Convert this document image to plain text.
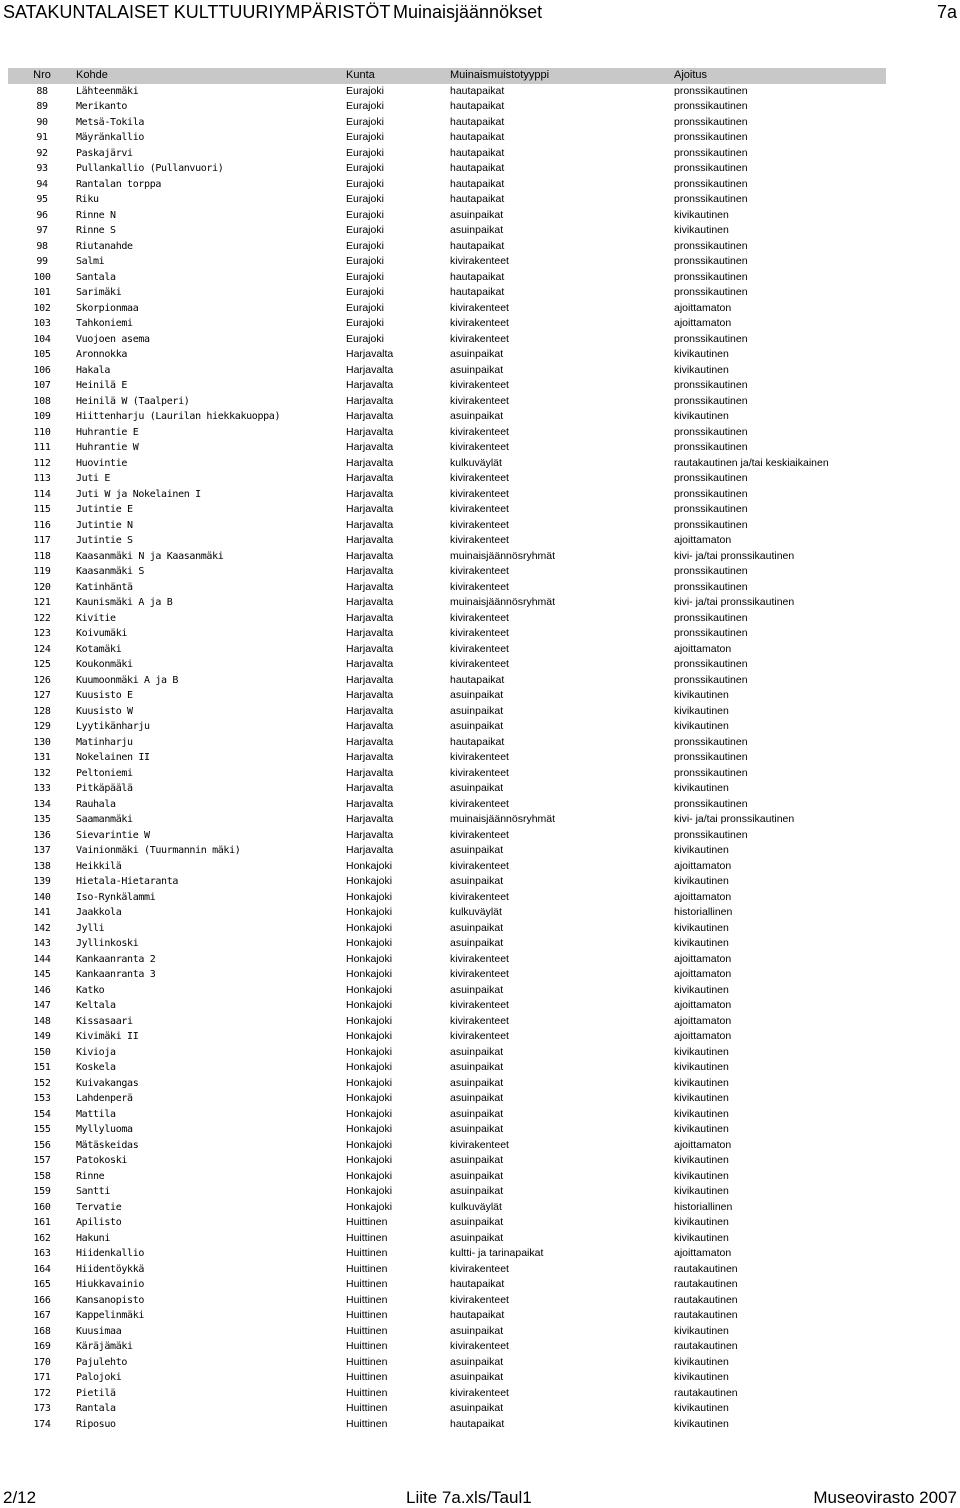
SATAKUNTALAISET KULTTUURIYMPÄRISTÖT Muinaisjäännökset	7a
Nro	Kohde	Kunta	Muinaismuistotyyppi	Ajoitus
88	Lähteenmäki	Eurajoki	hautapaikat	pronssikautinen
89	Merikanto	Eurajoki	hautapaikat	pronssikautinen
90	Metsä-Tokila	Eurajoki	hautapaikat	pronssikautinen
91	Mäyränkallio	Eurajoki	hautapaikat	pronssikautinen
92	Paskajärvi	Eurajoki	hautapaikat	pronssikautinen
93	Pullankallio (Pullanvuori)	Eurajoki	hautapaikat	pronssikautinen
94	Rantalan torppa	Eurajoki	hautapaikat	pronssikautinen
95	Riku	Eurajoki	hautapaikat	pronssikautinen
96	Rinne N	Eurajoki	asuinpaikat	kivikautinen
97	Rinne S	Eurajoki	asuinpaikat	kivikautinen
98	Riutanahde	Eurajoki	hautapaikat	pronssikautinen
99	Salmi	Eurajoki	kivirakenteet	pronssikautinen
100	Santala	Eurajoki	hautapaikat	pronssikautinen
101	Sarimäki	Eurajoki	hautapaikat	pronssikautinen
102	Skorpionmaa	Eurajoki	kivirakenteet	ajoittamaton
103	Tahkoniemi	Eurajoki	kivirakenteet	ajoittamaton
104	Vuojoen asema	Eurajoki	kivirakenteet	pronssikautinen
105	Aronnokka	Harjavalta	asuinpaikat	kivikautinen
106	Hakala	Harjavalta	asuinpaikat	kivikautinen
107	Heinilä E	Harjavalta	kivirakenteet	pronssikautinen
108	Heinilä W (Taalperi)	Harjavalta	kivirakenteet	pronssikautinen
109	Hiittenharju (Laurilan hiekkakuoppa)	Harjavalta	asuinpaikat	kivikautinen
110	Huhrantie E	Harjavalta	kivirakenteet	pronssikautinen
111	Huhrantie W	Harjavalta	kivirakenteet	pronssikautinen
112	Huovintie	Harjavalta	kulkuväylät	rautakautinen ja/tai keskiaikainen
113	Juti E	Harjavalta	kivirakenteet	pronssikautinen
114	Juti W ja Nokelainen I	Harjavalta	kivirakenteet	pronssikautinen
115	Jutintie E	Harjavalta	kivirakenteet	pronssikautinen
116	Jutintie N	Harjavalta	kivirakenteet	pronssikautinen
117	Jutintie S	Harjavalta	kivirakenteet	ajoittamaton
118	Kaasanmäki N ja Kaasanmäki	Harjavalta	muinaisjäännösryhmät	kivi- ja/tai pronssikautinen
119	Kaasanmäki S	Harjavalta	kivirakenteet	pronssikautinen
120	Katinhäntä	Harjavalta	kivirakenteet	pronssikautinen
121	Kaunismäki A ja B	Harjavalta	muinaisjäännösryhmät	kivi- ja/tai pronssikautinen
122	Kivitie	Harjavalta	kivirakenteet	pronssikautinen
123	Koivumäki	Harjavalta	kivirakenteet	pronssikautinen
124	Kotamäki	Harjavalta	kivirakenteet	ajoittamaton
125	Koukonmäki	Harjavalta	kivirakenteet	pronssikautinen
126	Kuumoonmäki A ja B	Harjavalta	hautapaikat	pronssikautinen
127	Kuusisto E	Harjavalta	asuinpaikat	kivikautinen
128	Kuusisto W	Harjavalta	asuinpaikat	kivikautinen
129	Lyytikänharju	Harjavalta	asuinpaikat	kivikautinen
130	Matinharju	Harjavalta	hautapaikat	pronssikautinen
131	Nokelainen II	Harjavalta	kivirakenteet	pronssikautinen
132	Peltoniemi	Harjavalta	kivirakenteet	pronssikautinen
133	Pitkäpäälä	Harjavalta	asuinpaikat	kivikautinen
134	Rauhala	Harjavalta	kivirakenteet	pronssikautinen
135	Saamanmäki	Harjavalta	muinaisjäännösryhmät	kivi- ja/tai pronssikautinen
136	Sievarintie W	Harjavalta	kivirakenteet	pronssikautinen
137	Vainionmäki (Tuurmannin mäki)	Harjavalta	asuinpaikat	kivikautinen
138	Heikkilä	Honkajoki	kivirakenteet	ajoittamaton
139	Hietala-Hietaranta	Honkajoki	asuinpaikat	kivikautinen
140	Iso-Rynkälammi	Honkajoki	kivirakenteet	ajoittamaton
141	Jaakkola	Honkajoki	kulkuväylät	historiallinen
142	Jylli	Honkajoki	asuinpaikat	kivikautinen
143	Jyllinkoski	Honkajoki	asuinpaikat	kivikautinen
144	Kankaanranta 2	Honkajoki	kivirakenteet	ajoittamaton
145	Kankaanranta 3	Honkajoki	kivirakenteet	ajoittamaton
146	Katko	Honkajoki	asuinpaikat	kivikautinen
147	Keltala	Honkajoki	kivirakenteet	ajoittamaton
148	Kissasaari	Honkajoki	kivirakenteet	ajoittamaton
149	Kivimäki II	Honkajoki	kivirakenteet	ajoittamaton
150	Kivioja	Honkajoki	asuinpaikat	kivikautinen
151	Koskela	Honkajoki	asuinpaikat	kivikautinen
152	Kuivakangas	Honkajoki	asuinpaikat	kivikautinen
153	Lahdenperä	Honkajoki	asuinpaikat	kivikautinen
154	Mattila	Honkajoki	asuinpaikat	kivikautinen
155	Myllyluoma	Honkajoki	asuinpaikat	kivikautinen
156	Mätäskeidas	Honkajoki	kivirakenteet	ajoittamaton
157	Patokoski	Honkajoki	asuinpaikat	kivikautinen
158	Rinne	Honkajoki	asuinpaikat	kivikautinen
159	Santti	Honkajoki	asuinpaikat	kivikautinen
160	Tervatie	Honkajoki	kulkuväylät	historiallinen
161	Apilisto	Huittinen	asuinpaikat	kivikautinen
162	Hakuni	Huittinen	asuinpaikat	kivikautinen
163	Hiidenkallio	Huittinen	kultti- ja tarinapaikat	ajoittamaton
164	Hiidentöykkä	Huittinen	kivirakenteet	rautakautinen
165	Hiukkavainio	Huittinen	hautapaikat	rautakautinen
166	Kansanopisto	Huittinen	kivirakenteet	rautakautinen
167	Kappelinmäki	Huittinen	hautapaikat	rautakautinen
168	Kuusimaa	Huittinen	asuinpaikat	kivikautinen
169	Käräjämäki	Huittinen	kivirakenteet	rautakautinen
170	Pajulehto	Huittinen	asuinpaikat	kivikautinen
171	Palojoki	Huittinen	asuinpaikat	kivikautinen
172	Pietilä	Huittinen	kivirakenteet	rautakautinen
173	Rantala	Huittinen	asuinpaikat	kivikautinen
174	Riposuo	Huittinen	hautapaikat	kivikautinen
2/12	Liite 7a.xls/Taul1	Museovirasto 2007
